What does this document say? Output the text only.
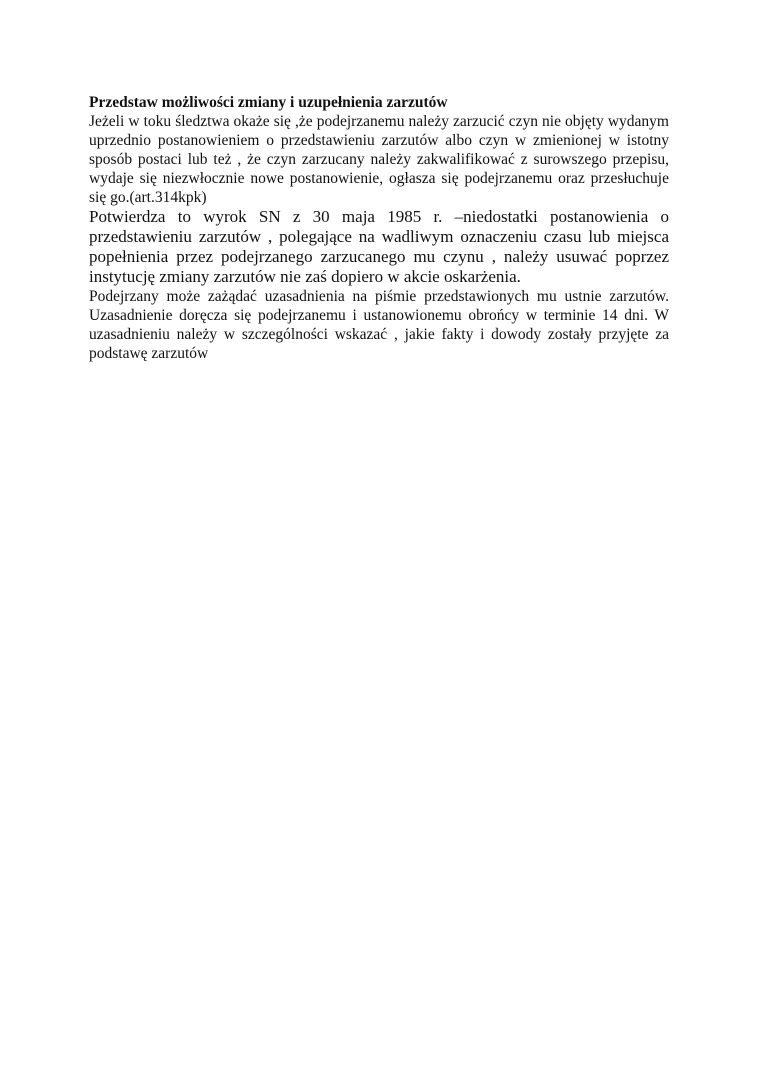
Przedstaw możliwości zmiany i uzupełnienia zarzutów

Jeżeli w toku śledztwa okaże się ,że podejrzanemu należy zarzucić czyn nie objęty wydanym uprzednio postanowieniem o przedstawieniu zarzutów albo czyn w zmienionej w istotny sposób postaci lub też , że czyn zarzucany należy zakwalifikować z surowszego przepisu, wydaje się niezwłocznie nowe postanowienie, ogłasza się podejrzanemu oraz przesłuchuje się go.(art.314kpk)

Potwierdza to wyrok SN z 30 maja 1985 r. –niedostatki postanowienia o przedstawieniu zarzutów , polegające na wadliwym oznaczeniu czasu lub miejsca popełnienia przez podejrzanego zarzucanego mu czynu , należy usuwać poprzez instytucję zmiany zarzutów nie zaś dopiero w akcie oskarżenia.

Podejrzany może zażądać uzasadnienia na piśmie przedstawionych mu ustnie zarzutów. Uzasadnienie doręcza się podejrzanemu i ustanowionemu obrońcy w terminie 14 dni. W uzasadnieniu należy w szczególności wskazać , jakie fakty i dowody zostały przyjęte za podstawę zarzutów
